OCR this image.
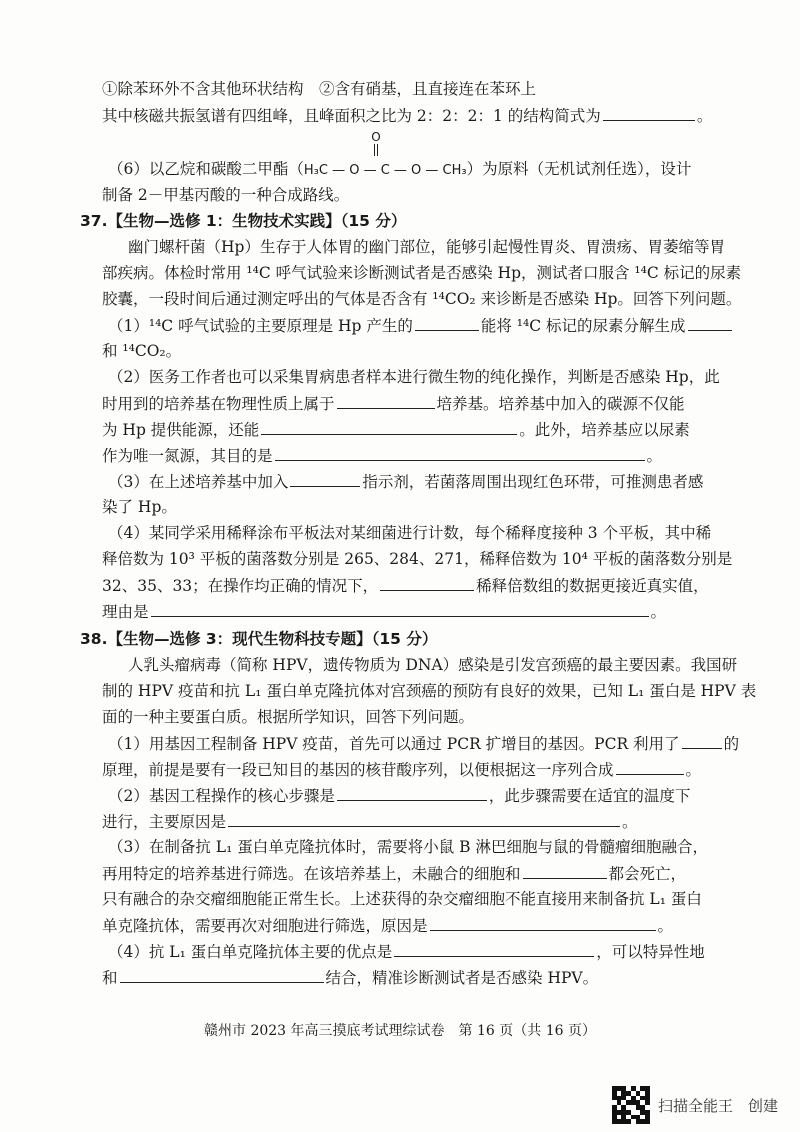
①除苯环外不含其他环状结构　②含有硝基，且直接连在苯环上
其中核磁共振氢谱有四组峰，且峰面积之比为 2：2：2：1 的结构简式为	。
O
（6）以乙烷和碳酸二甲酯（H₃C — O — C — O — CH₃）为原料（无机试剂任选），设计
制备 2－甲基丙酸的一种合成路线。
37.【生物—选修 1：生物技术实践】（15 分）
幽门螺杆菌（Hp）生存于人体胃的幽门部位，能够引起慢性胃炎、胃溃疡、胃萎缩等胃
部疾病。体检时常用 ¹⁴C 呼气试验来诊断测试者是否感染 Hp，测试者口服含 ¹⁴C 标记的尿素
胶囊，一段时间后通过测定呼出的气体是否含有 ¹⁴CO₂ 来诊断是否感染 Hp。回答下列问题。
（1）¹⁴C 呼气试验的主要原理是 Hp 产生的	能将 ¹⁴C 标记的尿素分解生成
和 ¹⁴CO₂。
（2）医务工作者也可以采集胃病患者样本进行微生物的纯化操作，判断是否感染 Hp，此
时用到的培养基在物理性质上属于	培养基。培养基中加入的碳源不仅能
为 Hp 提供能源，还能	。此外，培养基应以尿素
作为唯一氮源，其目的是	。
（3）在上述培养基中加入	指示剂，若菌落周围出现红色环带，可推测患者感
染了 Hp。
（4）某同学采用稀释涂布平板法对某细菌进行计数，每个稀释度接种 3 个平板，其中稀
释倍数为 10³ 平板的菌落数分别是 265、284、271，稀释倍数为 10⁴ 平板的菌落数分别是
32、35、33；在操作均正确的情况下，	稀释倍数组的数据更接近真实值，
理由是	。
38.【生物—选修 3：现代生物科技专题】（15 分）
人乳头瘤病毒（简称 HPV，遗传物质为 DNA）感染是引发宫颈癌的最主要因素。我国研
制的 HPV 疫苗和抗 L₁ 蛋白单克隆抗体对宫颈癌的预防有良好的效果，已知 L₁ 蛋白是 HPV 表
面的一种主要蛋白质。根据所学知识，回答下列问题。
（1）用基因工程制备 HPV 疫苗，首先可以通过 PCR 扩增目的基因。PCR 利用了	的
原理，前提是要有一段已知目的基因的核苷酸序列，以便根据这一序列合成	。
（2）基因工程操作的核心步骤是	，此步骤需要在适宜的温度下
进行，主要原因是	。
（3）在制备抗 L₁ 蛋白单克隆抗体时，需要将小鼠 B 淋巴细胞与鼠的骨髓瘤细胞融合，
再用特定的培养基进行筛选。在该培养基上，未融合的细胞和	都会死亡，
只有融合的杂交瘤细胞能正常生长。上述获得的杂交瘤细胞不能直接用来制备抗 L₁ 蛋白
单克隆抗体，需要再次对细胞进行筛选，原因是	。
（4）抗 L₁ 蛋白单克隆抗体主要的优点是	，可以特异性地
和	结合，精准诊断测试者是否感染 HPV。
赣州市 2023 年高三摸底考试理综试卷　第 16 页（共 16 页）
扫描全能王　创建
